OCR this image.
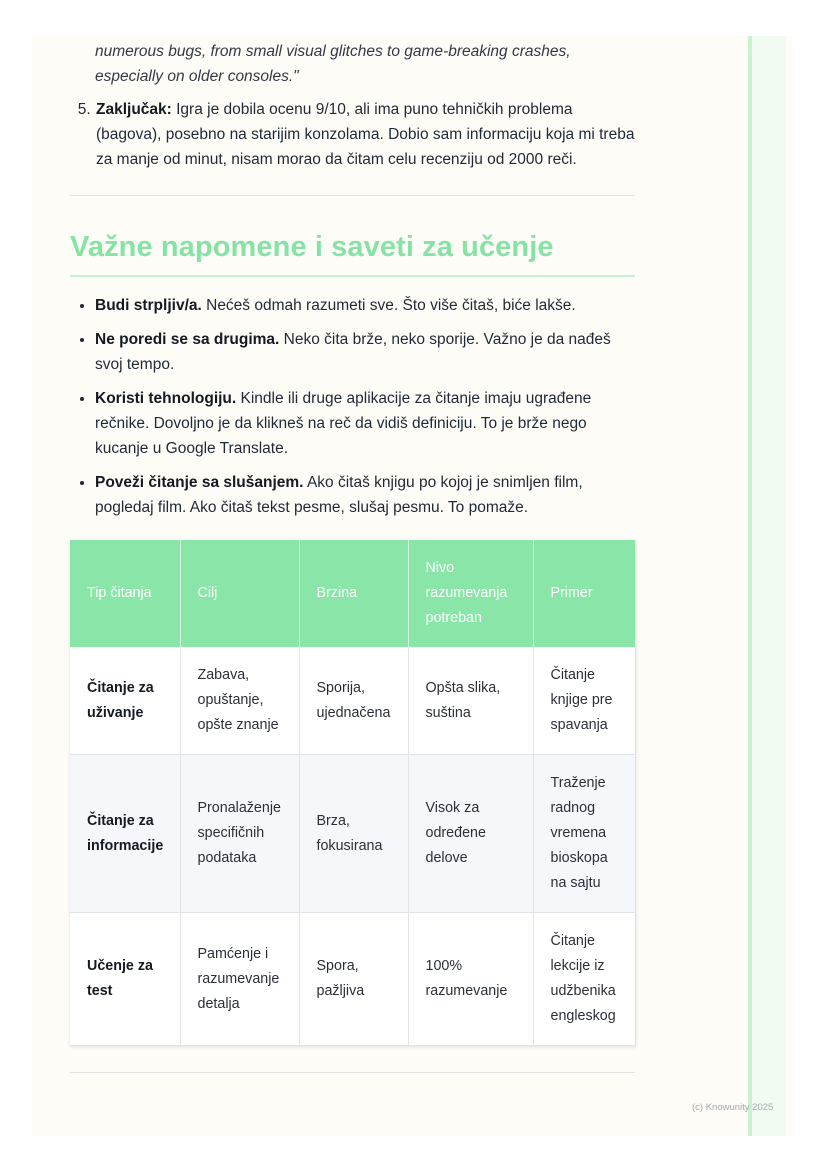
numerous bugs, from small visual glitches to game-breaking crashes, especially on older consoles."

5. Zaključak: Igra je dobila ocenu 9/10, ali ima puno tehničkih problema (bagova), posebno na starijim konzolama. Dobio sam informaciju koja mi treba za manje od minut, nisam morao da čitam celu recenziju od 2000 reči.
Važne napomene i saveti za učenje
• Budi strpljiv/a. Nećeš odmah razumeti sve. Što više čitaš, biće lakše.
• Ne poredi se sa drugima. Neko čita brže, neko sporije. Važno je da nađeš svoj tempo.
• Koristi tehnologiju. Kindle ili druge aplikacije za čitanje imaju ugrađene rečnike. Dovoljno je da klikneš na reč da vidiš definiciju. To je brže nego kucanje u Google Translate.
• Poveži čitanje sa slušanjem. Ako čitaš knjigu po kojoj je snimljen film, pogledaj film. Ako čitaš tekst pesme, slušaj pesmu. To pomaže.
Tip čitanja	Cilj	Brzina	Nivo razumevanja potreban	Primer
Čitanje za uživanje	Zabava, opuštanje, opšte znanje	Sporija, ujednačena	Opšta slika, suština	Čitanje knjige pre spavanja
Čitanje za informacije	Pronalaženje specifičnih podataka	Brza, fokusirana	Visok za određene delove	Traženje radnog vremena bioskopa na sajtu
Učenje za test	Pamćenje i razumevanje detalja	Spora, pažljiva	100% razumevanje	Čitanje lekcije iz udžbenika engleskog
(c) Knowunity 2025
